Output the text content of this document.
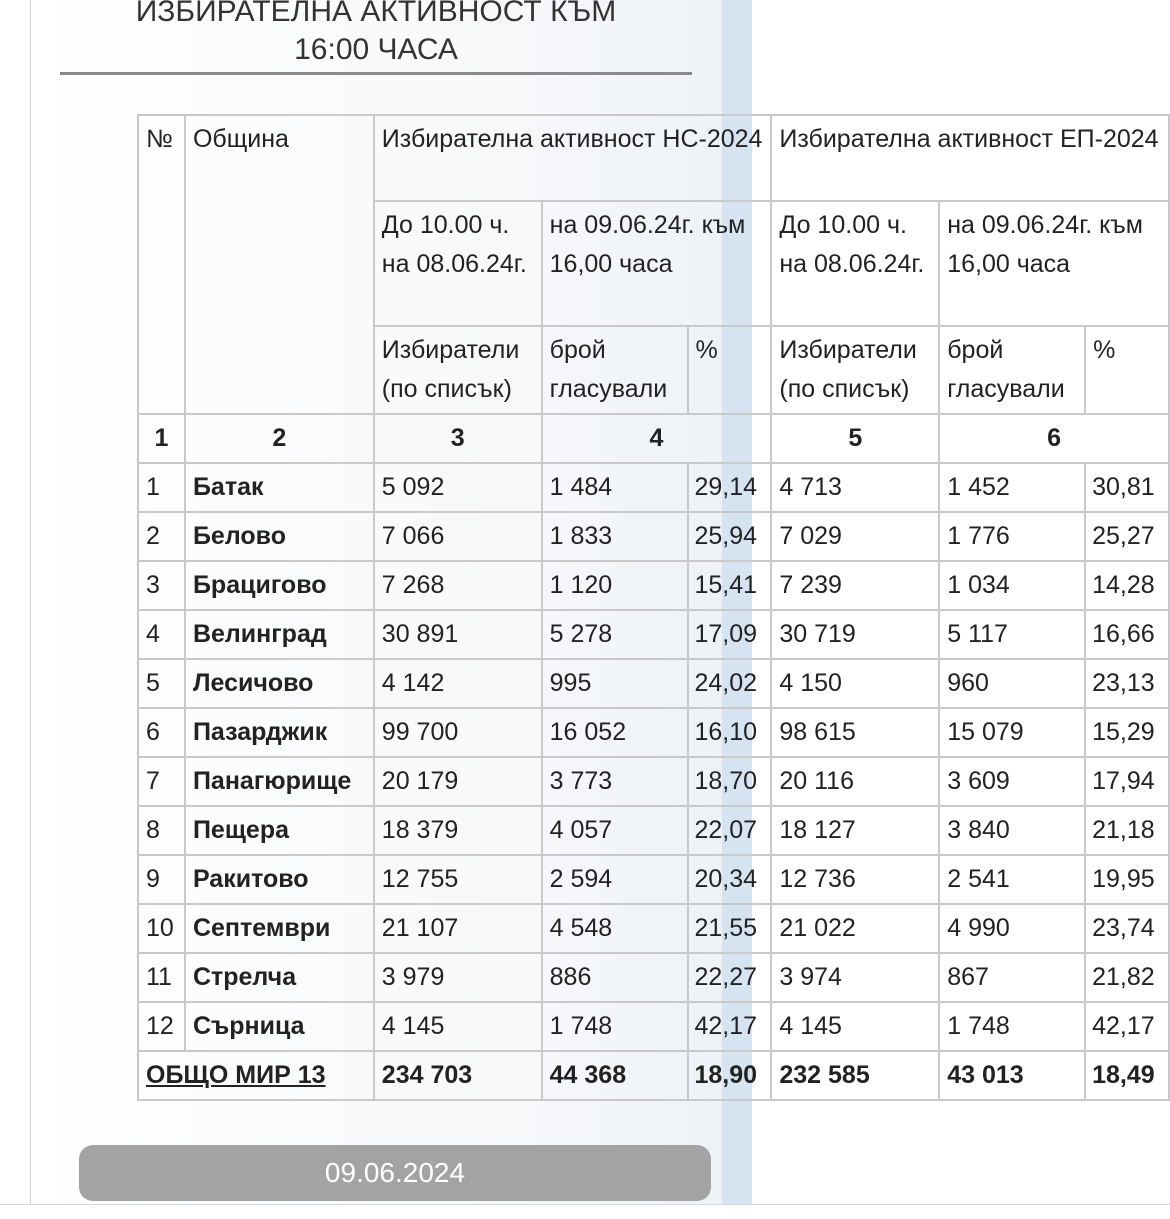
ИЗБИРАТЕЛНА АКТИВНОСТ КЪМ
16:00 ЧАСА
№	Община	Избирателна активност НС-2024			Избирателна активност ЕП-2024		
		До 10.00 ч. на 08.06.24г.	на 09.06.24г. към 16,00 часа		До 10.00 ч. на 08.06.24г.	на 09.06.24г. към 16,00 часа	
		Избиратели (по списък)	брой гласували	%	Избиратели (по списък)	брой гласували	%
1	2	3	4		5	6	
1	Батак	5 092	1 484	29,14	4 713	1 452	30,81
2	Белово	7 066	1 833	25,94	7 029	1 776	25,27
3	Брацигово	7 268	1 120	15,41	7 239	1 034	14,28
4	Велинград	30 891	5 278	17,09	30 719	5 117	16,66
5	Лесичово	4 142	995	24,02	4 150	960	23,13
6	Пазарджик	99 700	16 052	16,10	98 615	15 079	15,29
7	Панагюрище	20 179	3 773	18,70	20 116	3 609	17,94
8	Пещера	18 379	4 057	22,07	18 127	3 840	21,18
9	Ракитово	12 755	2 594	20,34	12 736	2 541	19,95
10	Септември	21 107	4 548	21,55	21 022	4 990	23,74
11	Стрелча	3 979	886	22,27	3 974	867	21,82
12	Сърница	4 145	1 748	42,17	4 145	1 748	42,17
ОБЩО МИР 13		234 703	44 368	18,90	232 585	43 013	18,49
09.06.2024
